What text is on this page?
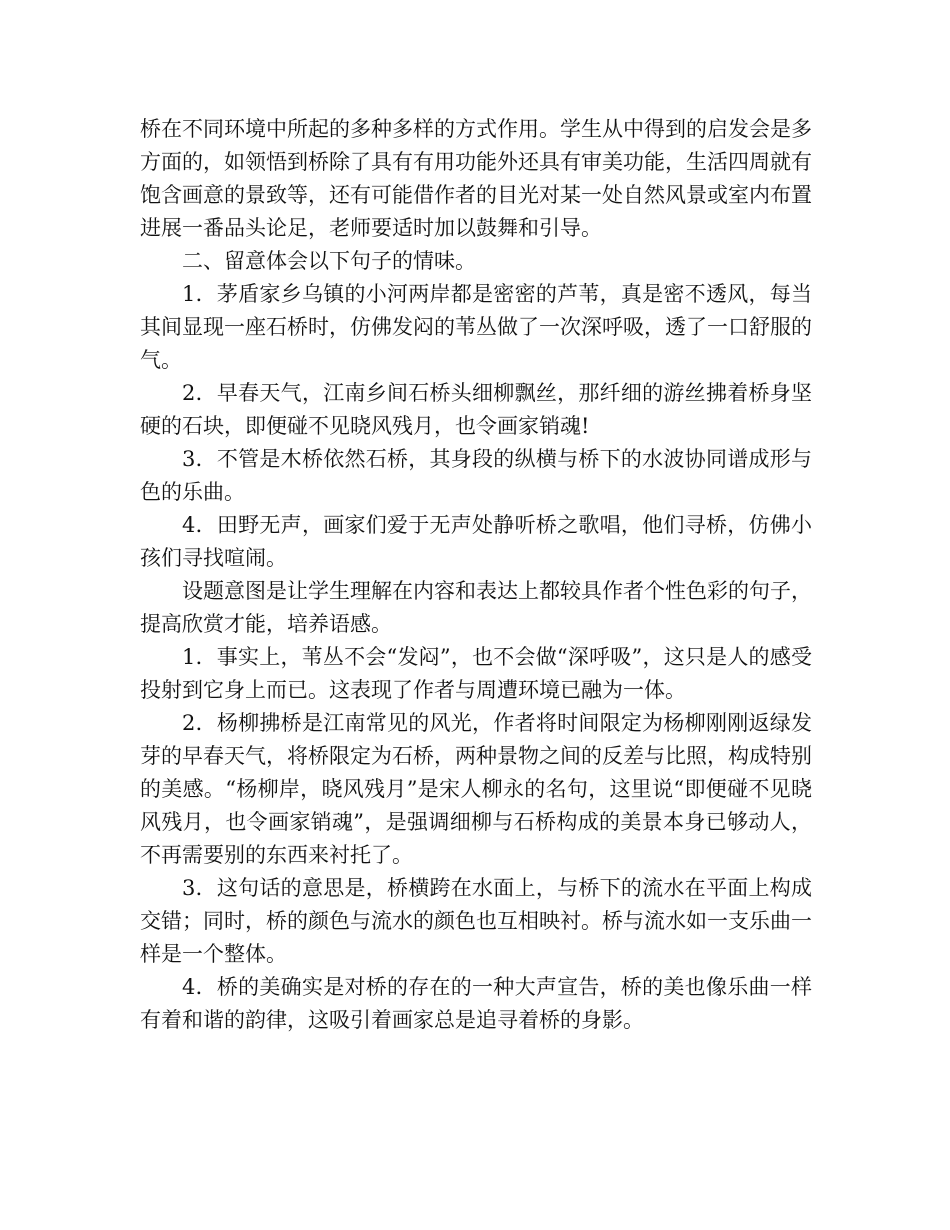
桥在不同环境中所起的多种多样的方式作用。学生从中得到的启发会是多方面的，如领悟到桥除了具有有用功能外还具有审美功能，生活四周就有饱含画意的景致等，还有可能借作者的目光对某一处自然风景或室内布置进展一番品头论足，老师要适时加以鼓舞和引导。

二、留意体会以下句子的情味。

1．茅盾家乡乌镇的小河两岸都是密密的芦苇，真是密不透风，每当其间显现一座石桥时，仿佛发闷的苇丛做了一次深呼吸，透了一口舒服的气。

2．早春天气，江南乡间石桥头细柳飘丝，那纤细的游丝拂着桥身坚硬的石块，即便碰不见晓风残月，也令画家销魂!

3．不管是木桥依然石桥，其身段的纵横与桥下的水波协同谱成形与色的乐曲。

4．田野无声，画家们爱于无声处静听桥之歌唱，他们寻桥，仿佛小孩们寻找喧闹。

设题意图是让学生理解在内容和表达上都较具作者个性色彩的句子，提高欣赏才能，培养语感。

1．事实上，苇丛不会“发闷”，也不会做“深呼吸”，这只是人的感受投射到它身上而已。这表现了作者与周遭环境已融为一体。

2．杨柳拂桥是江南常见的风光，作者将时间限定为杨柳刚刚返绿发芽的早春天气，将桥限定为石桥，两种景物之间的反差与比照，构成特别的美感。“杨柳岸，晓风残月”是宋人柳永的名句，这里说“即便碰不见晓风残月，也令画家销魂”，是强调细柳与石桥构成的美景本身已够动人，不再需要别的东西来衬托了。

3．这句话的意思是，桥横跨在水面上，与桥下的流水在平面上构成交错；同时，桥的颜色与流水的颜色也互相映衬。桥与流水如一支乐曲一样是一个整体。

4．桥的美确实是对桥的存在的一种大声宣告，桥的美也像乐曲一样有着和谐的韵律，这吸引着画家总是追寻着桥的身影。
